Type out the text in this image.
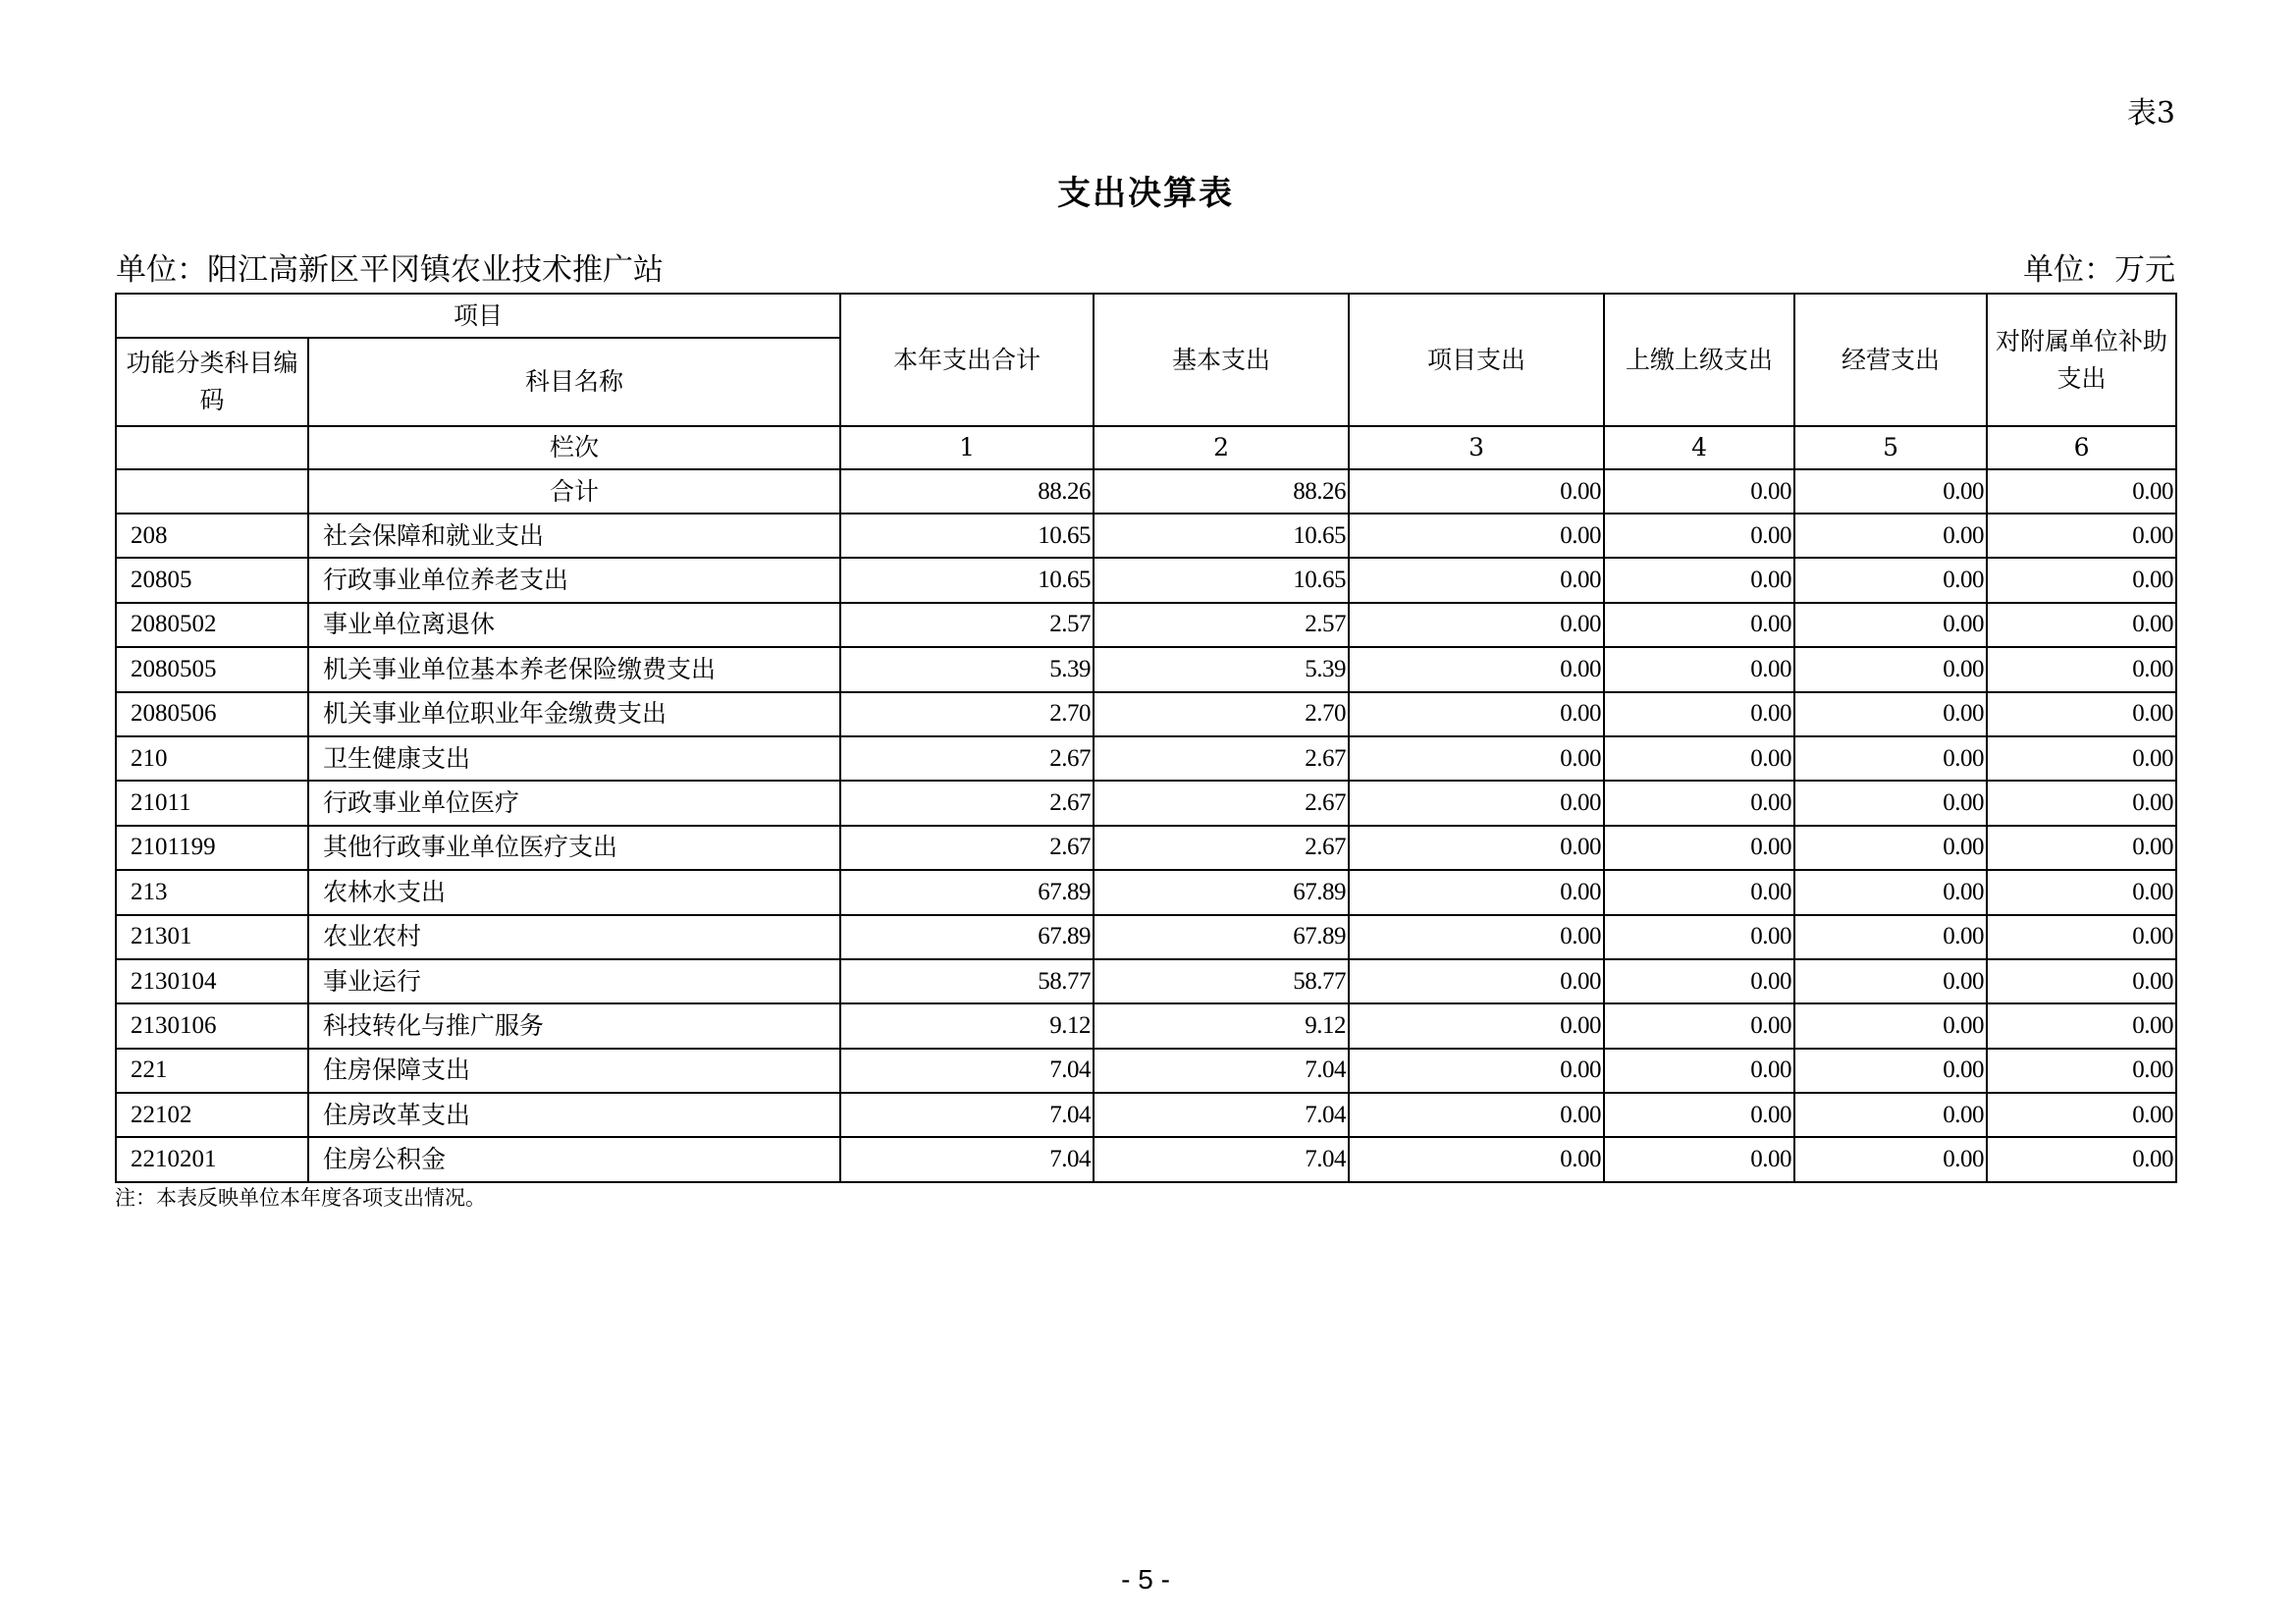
表3
支出决算表
单位：阳江高新区平冈镇农业技术推广站	单位：万元
项目		本年支出合计	基本支出	项目支出	上缴上级支出	经营支出	对附属单位补助支出
功能分类科目编码	科目名称						
	栏次	1	2	3	4	5	6
	合计	88.26	88.26	0.00	0.00	0.00	0.00
208	社会保障和就业支出	10.65	10.65	0.00	0.00	0.00	0.00
20805	行政事业单位养老支出	10.65	10.65	0.00	0.00	0.00	0.00
2080502	事业单位离退休	2.57	2.57	0.00	0.00	0.00	0.00
2080505	机关事业单位基本养老保险缴费支出	5.39	5.39	0.00	0.00	0.00	0.00
2080506	机关事业单位职业年金缴费支出	2.70	2.70	0.00	0.00	0.00	0.00
210	卫生健康支出	2.67	2.67	0.00	0.00	0.00	0.00
21011	行政事业单位医疗	2.67	2.67	0.00	0.00	0.00	0.00
2101199	其他行政事业单位医疗支出	2.67	2.67	0.00	0.00	0.00	0.00
213	农林水支出	67.89	67.89	0.00	0.00	0.00	0.00
21301	农业农村	67.89	67.89	0.00	0.00	0.00	0.00
2130104	事业运行	58.77	58.77	0.00	0.00	0.00	0.00
2130106	科技转化与推广服务	9.12	9.12	0.00	0.00	0.00	0.00
221	住房保障支出	7.04	7.04	0.00	0.00	0.00	0.00
22102	住房改革支出	7.04	7.04	0.00	0.00	0.00	0.00
2210201	住房公积金	7.04	7.04	0.00	0.00	0.00	0.00
注：本表反映单位本年度各项支出情况。
- 5 -
